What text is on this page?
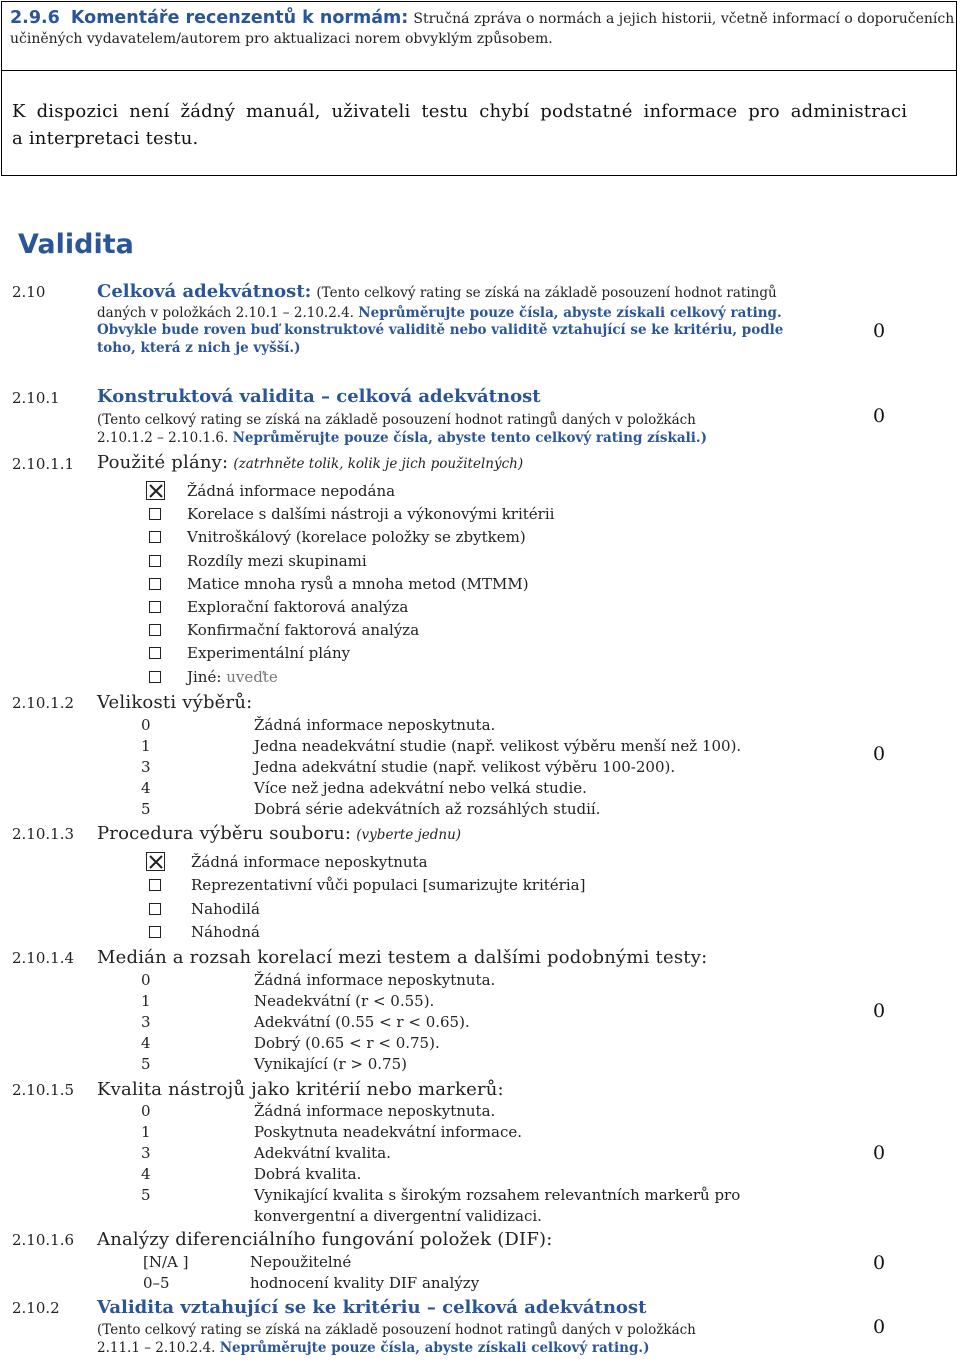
2.9.6 Komentáře recenzentů k normám: Stručná zpráva o normách a jejich historii, včetně informací o doporučeních
učiněných vydavatelem/autorem pro aktualizaci norem obvyklým způsobem.
K dispozici není žádný manuál, uživateli testu chybí podstatné informace pro administraci
a interpretaci testu.
Validita
2.10	Celková adekvátnost: (Tento celkový rating se získá na základě posouzení hodnot ratingů
daných v položkách 2.10.1 – 2.10.2.4. Neprůměrujte pouze čísla, abyste získali celkový rating.
Obvykle bude roven buď konstruktové validitě nebo validitě vztahující se ke kritériu, podle
toho, která z nich je vyšší.)
0
2.10.1 Konstruktová validita – celková adekvátnost
(Tento celkový rating se získá na základě posouzení hodnot ratingů daných v položkách
2.10.1.2 – 2.10.1.6. Neprůměrujte pouze čísla, abyste tento celkový rating získali.)
0
2.10.1.1 Použité plány: (zatrhněte tolik, kolik je jich použitelných)
Žádná informace nepodána
Korelace s dalšími nástroji a výkonovými kritérii
Vnitroškálový (korelace položky se zbytkem)
Rozdíly mezi skupinami
Matice mnoha rysů a mnoha metod (MTMM)
Explorační faktorová analýza
Konfirmační faktorová analýza
Experimentální plány
Jiné: uveďte
2.10.1.2 Velikosti výběrů:
0	Žádná informace neposkytnuta.
1	Jedna neadekvátní studie (např. velikost výběru menší než 100).
3	Jedna adekvátní studie (např. velikost výběru 100-200).
4	Více než jedna adekvátní nebo velká studie.
5	Dobrá série adekvátních až rozsáhlých studií.
0
2.10.1.3 Procedura výběru souboru: (vyberte jednu)
Žádná informace neposkytnuta
Reprezentativní vůči populaci [sumarizujte kritéria]
Nahodilá
Náhodná
2.10.1.4 Medián a rozsah korelací mezi testem a dalšími podobnými testy:
0	Žádná informace neposkytnuta.
1	Neadekvátní (r < 0.55).
3	Adekvátní (0.55 < r < 0.65).
4	Dobrý (0.65 < r < 0.75).
5	Vynikající (r > 0.75)
0
2.10.1.5 Kvalita nástrojů jako kritérií nebo markerů:
0	Žádná informace neposkytnuta.
1	Poskytnuta neadekvátní informace.
3	Adekvátní kvalita.
4	Dobrá kvalita.
5	Vynikající kvalita s širokým rozsahem relevantních markerů pro
konvergentní a divergentní validizaci.
0
2.10.1.6 Analýzy diferenciálního fungování položek (DIF):
[N/A ]	Nepoužitelné
0–5	hodnocení kvality DIF analýzy
0
2.10.2 Validita vztahující se ke kritériu – celková adekvátnost
(Tento celkový rating se získá na základě posouzení hodnot ratingů daných v položkách
2.11.1 – 2.10.2.4. Neprůměrujte pouze čísla, abyste získali celkový rating.)
0
